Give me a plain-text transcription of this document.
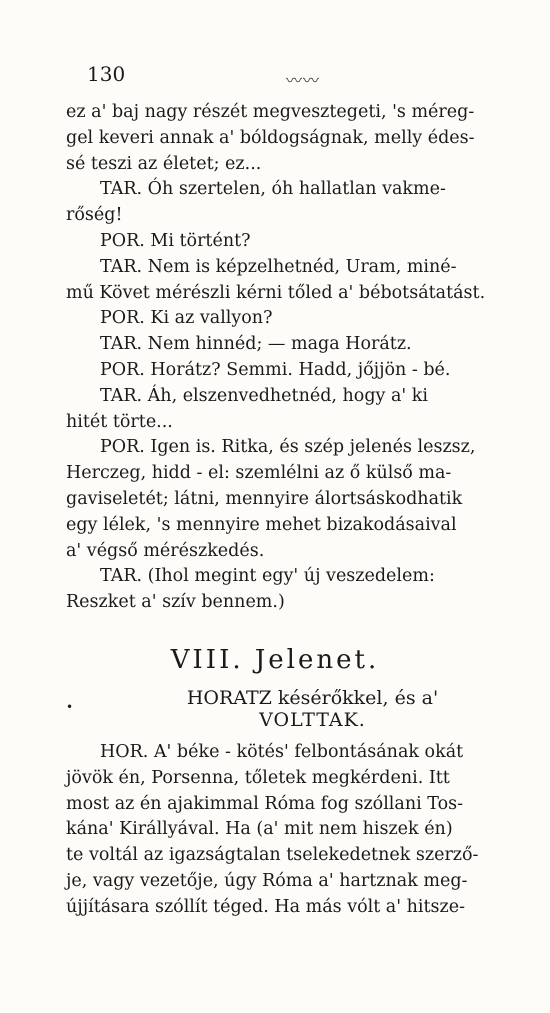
130	〰〰
ez a' baj nagy részét megvesztegeti, 's méreg-
gel keveri annak a' bóldogságnak, melly édes-
sé teszi az életet; ez...
TAR. Óh szertelen, óh hallatlan vakme-
rőség!
POR. Mi történt?
TAR. Nem is képzelhetnéd, Uram, miné-
mű Követ mérészli kérni tőled a' bébotsátatást.
POR. Ki az vallyon?
TAR. Nem hinnéd; — maga Horátz.
POR. Horátz? Semmi. Hadd, jőjjön - bé.
TAR. Áh, elszenvedhetnéd, hogy a' ki
hitét törte...
POR. Igen is. Ritka, és szép jelenés leszsz,
Herczeg, hidd - el: szemlélni az ő külső ma-
gaviseletét; látni, mennyire álortsáskodhatik
egy lélek, 's mennyire mehet bizakodásaival
a' végső mérészkedés.
TAR. (Ihol megint egy' új veszedelem:
Reszket a' szív bennem.)
VIII. Jelenet.
•	HORATZ késérőkkel, és a'
VOLTTAK.
HOR. A' béke - kötés' felbontásának okát
jövök én, Porsenna, tőletek megkérdeni. Itt
most az én ajakimmal Róma fog szóllani Tos-
kána' Királlyával. Ha (a' mit nem hiszek én)
te voltál az igazságtalan tselekedetnek szerző-
je, vagy vezetője, úgy Róma a' hartznak meg-
újjításara szóllít téged. Ha más vólt a' hitsze-
